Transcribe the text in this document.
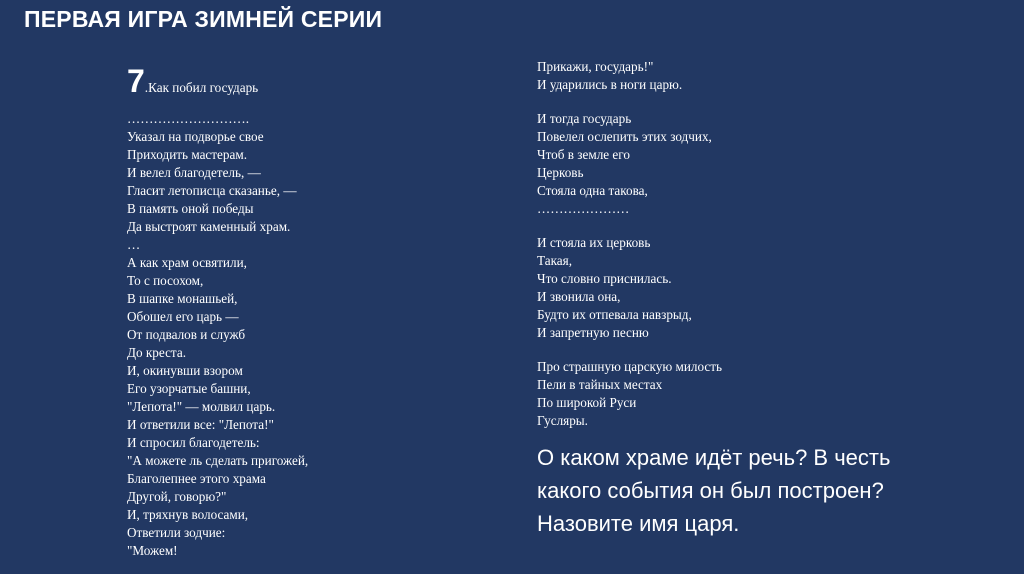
ПЕРВАЯ ИГРА ЗИМНЕЙ СЕРИИ
7.Как побил государь
……………………….
Указал на подворье свое
Приходить мастерам.
И велел благодетель, —
Гласит летописца сказанье, —
В память оной победы
Да выстроят каменный храм.
…
А как храм освятили,
То с посохом,
В шапке монашьей,
Обошел его царь —
От подвалов и служб
До креста.
И, окинувши взором
Его узорчатые башни,
"Лепота!" — молвил царь.
И ответили все: "Лепота!"
И спросил благодетель:
"А можете ль сделать пригожей,
Благолепнее этого храма
Другой, говорю?"
И, тряхнув волосами,
Ответили зодчие:
"Можем!
Прикажи, государь!"
И ударились в ноги царю.
И тогда государь
Повелел ослепить этих зодчих,
Чтоб в земле его
Церковь
Стояла одна такова,
…………………
И стояла их церковь
Такая,
Что словно приснилась.
И звонила она,
Будто их отпевала навзрыд,
И запретную песню
Про страшную царскую милость
Пели в тайных местах
По широкой Руси
Гусляры.
О каком храме идёт речь? В честь какого события он был построен? Назовите имя царя.
